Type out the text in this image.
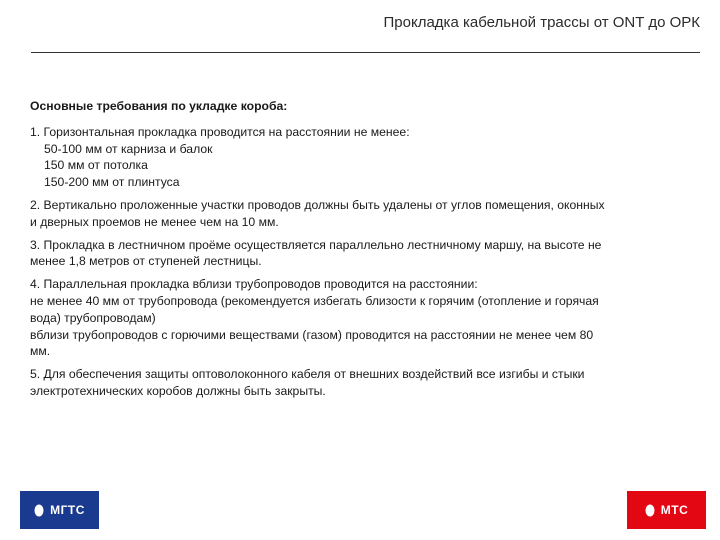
Прокладка кабельной трассы от ONT до ОРК

Основные требования по укладке короба:

1. Горизонтальная прокладка проводится на расстоянии не менее:
50-100 мм от карниза и балок
150 мм от потолка
150-200 мм от плинтуса
2. Вертикально проложенные участки проводов должны быть удалены от углов помещения, оконных
и дверных проемов не менее чем на 10 мм.
3. Прокладка в лестничном проёме осуществляется параллельно лестничному маршу, на высоте не
менее 1,8 метров от ступеней лестницы.
4. Параллельная прокладка вблизи трубопроводов проводится на расстоянии:
не менее 40 мм от трубопровода (рекомендуется избегать близости к горячим (отопление и горячая
вода) трубопроводам)
вблизи трубопроводов с горючими веществами (газом) проводится на расстоянии не менее чем 80
мм.
5. Для обеспечения защиты оптоволоконного кабеля от внешних воздействий все изгибы и стыки
электротехнических коробов должны быть закрыты.
МГТС	МТС
